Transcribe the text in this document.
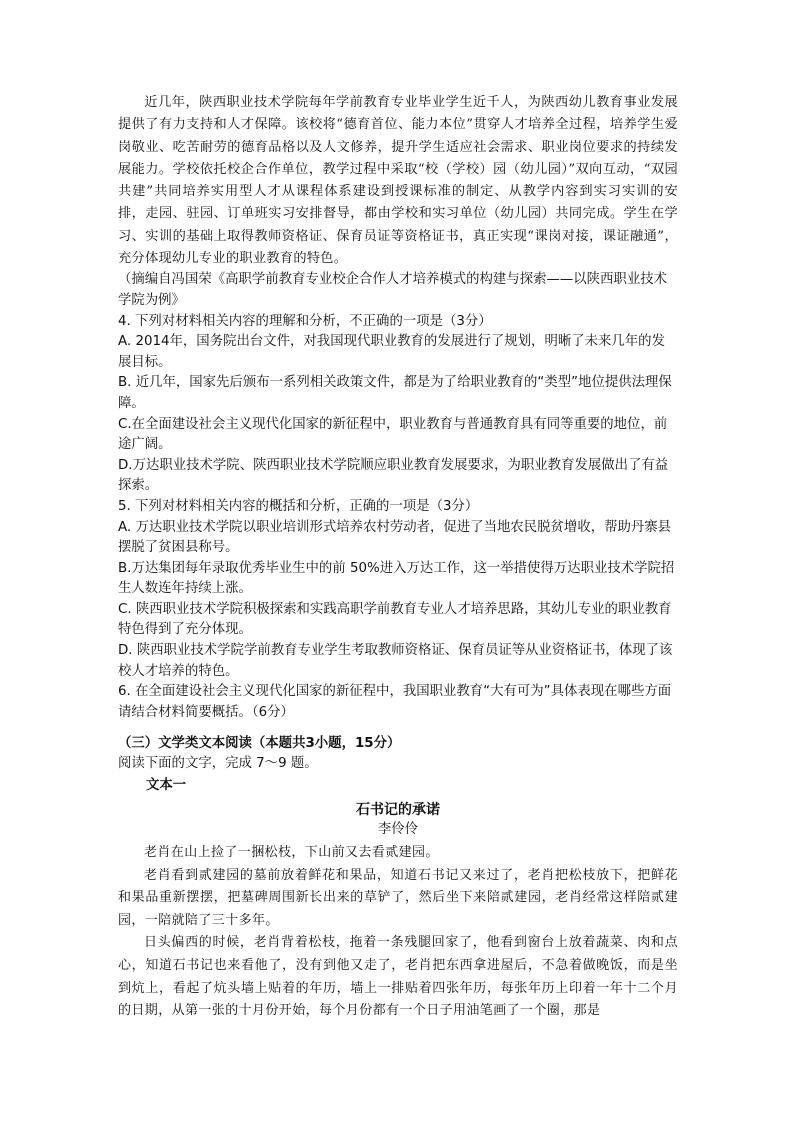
近几年，陕西职业技术学院每年学前教育专业毕业学生近千人，为陕西幼儿教育事业发展提供了有力支持和人才保障。该校将“德育首位、能力本位”贯穿人才培养全过程，培养学生爱岗敬业、吃苦耐劳的德育品格以及人文修养，提升学生适应社会需求、职业岗位要求的持续发展能力。学校依托校企合作单位，教学过程中采取“校（学校）园（幼儿园）”双向互动，“双园共建”共同培养实用型人才从课程体系建设到授课标准的制定、从教学内容到实习实训的安排，走园、驻园、订单班实习安排督导，都由学校和实习单位（幼儿园）共同完成。学生在学习、实训的基础上取得教师资格证、保育员证等资格证书，真正实现“课岗对接，课证融通”，充分体现幼儿专业的职业教育的特色。

（摘编自冯国荣《高职学前教育专业校企合作人才培养模式的构建与探索——以陕西职业技术学院为例》

4. 下列对材料相关内容的理解和分析，不正确的一项是（3分）

A. 2014年，国务院出台文件，对我国现代职业教育的发展进行了规划，明晰了未来几年的发展目标。

B. 近几年，国家先后颁布一系列相关政策文件，都是为了给职业教育的“类型”地位提供法理保障。

C.在全面建设社会主义现代化国家的新征程中，职业教育与普通教育具有同等重要的地位，前途广阔。

D.万达职业技术学院、陕西职业技术学院顺应职业教育发展要求，为职业教育发展做出了有益探索。

5. 下列对材料相关内容的概括和分析，正确的一项是（3分）

A. 万达职业技术学院以职业培训形式培养农村劳动者，促进了当地农民脱贫增收，帮助丹寨县摆脱了贫困县称号。

B.万达集团每年录取优秀毕业生中的前 50%进入万达工作，这一举措使得万达职业技术学院招生人数连年持续上涨。

C. 陕西职业技术学院积极探索和实践高职学前教育专业人才培养思路，其幼儿专业的职业教育特色得到了充分体现。

D. 陕西职业技术学院学前教育专业学生考取教师资格证、保育员证等从业资格证书，体现了该校人才培养的特色。

6. 在全面建设社会主义现代化国家的新征程中，我国职业教育“大有可为”具体表现在哪些方面请结合材料简要概括。（6分）

（三）文学类文本阅读（本题共3小题，15分）

阅读下面的文字，完成 7～9 题。

文本一

石书记的承诺

李伶伶

老肖在山上捡了一捆松枝，下山前又去看贰建园。

老肖看到贰建园的墓前放着鲜花和果品，知道石书记又来过了，老肖把松枝放下，把鲜花和果品重新摆摆，把墓碑周围新长出来的草铲了，然后坐下来陪贰建园，老肖经常这样陪贰建园，一陪就陪了三十多年。

日头偏西的时候，老肖背着松枝，拖着一条残腿回家了，他看到窗台上放着蔬菜、肉和点心，知道石书记也来看他了，没有到他又走了，老肖把东西拿进屋后，不急着做晚饭，而是坐到炕上，看起了炕头墙上贴着的年历，墙上一排贴着四张年历，每张年历上印着一年十二个月的日期，从第一张的十月份开始，每个月份都有一个日子用油笔画了一个圈，那是
